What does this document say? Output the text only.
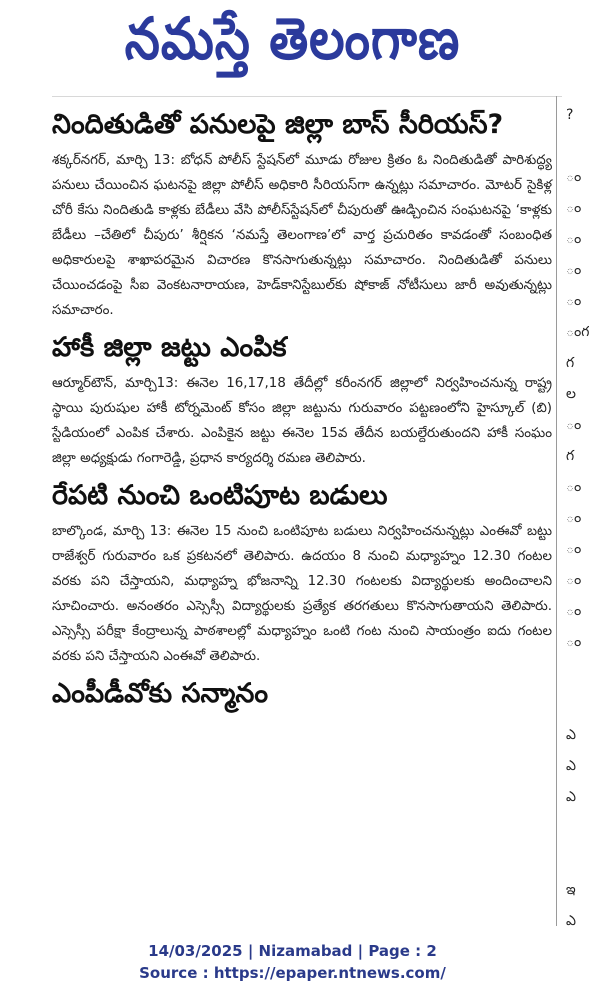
నమస్తే తెలంగాణ
నిందితుడితో పనులపై జిల్లా బాస్ సీరియస్?

శక్కర్‌నగర్, మార్చి 13: బోధన్ పోలీస్ స్టేషన్‌లో మూడు రోజుల క్రితం ఓ నిందితుడితో పారిశుద్ధ్య పనులు చేయించిన ఘటనపై జిల్లా పోలీస్ అధికారి సీరియస్‌గా ఉన్నట్లు సమాచారం. మోటర్ సైకిళ్ల చోరీ కేసు నిందితుడి కాళ్లకు బేడీలు వేసి పోలీస్‌స్టేషన్‌లో చీపురుతో ఊడ్చించిన సంఘటనపై ‘కాళ్లకు బేడీలు –చేతిలో చీపురు’ శీర్షికన ‘నమస్తే తెలంగాణ’లో వార్త ప్రచురితం కావడంతో సంబంధిత అధికారులపై శాఖాపరమైన విచారణ కొనసాగుతున్నట్లు సమాచారం. నిందితుడితో పనులు చేయించడంపై సీఐ వెంకటనారాయణ, హెడ్‌కానిస్టేబుల్‌కు షోకాజ్ నోటీసులు జారీ అవుతున్నట్లు సమాచారం.

హాకీ జిల్లా జట్టు ఎంపిక

ఆర్మూర్‌టౌన్, మార్చి13: ఈనెల 16,17,18 తేదీల్లో కరీంనగర్ జిల్లాలో నిర్వహించనున్న రాష్ట్ర స్థాయి పురుషుల హాకీ టోర్నమెంట్ కోసం జిల్లా జట్టును గురువారం పట్టణంలోని హైస్కూల్ (బి) స్టేడియంలో ఎంపిక చేశారు. ఎంపికైన జట్టు ఈనెల 15వ తేదీన బయల్దేరుతుందని హాకీ సంఘం జిల్లా అధ్యక్షుడు గంగారెడ్డి, ప్రధాన కార్యదర్శి రమణ తెలిపారు.

రేపటి నుంచి ఒంటిపూట బడులు

బాల్కొండ, మార్చి 13: ఈనెల 15 నుంచి ఒంటిపూట బడులు నిర్వహించనున్నట్లు ఎంఈవో బట్టు రాజేశ్వర్ గురువారం ఒక ప్రకటనలో తెలిపారు. ఉదయం 8 నుంచి మధ్యాహ్నం 12.30 గంటల వరకు పని చేస్తాయని, మధ్యాహ్న భోజనాన్ని 12.30 గంటలకు విద్యార్థులకు అందించాలని సూచించారు. అనంతరం ఎస్సెస్సీ విద్యార్థులకు ప్రత్యేక తరగతులు కొనసాగుతాయని తెలిపారు. ఎస్సెస్సీ పరీక్షా కేంద్రాలున్న పాఠశాలల్లో మధ్యాహ్నం ఒంటి గంట నుంచి సాయంత్రం ఐదు గంటల వరకు పని చేస్తాయని ఎంఈవో తెలిపారు.

ఎంపీడీవోకు సన్మానం
?

ం
ం
ం
ం
ం
ంగ
గ
ల
ం
గ
ం
ం
ం
ం
ం
ం

ఎ
ఎ
ఎ

ఇ
ఎ
14/03/2025 | Nizamabad | Page : 2
Source : https://epaper.ntnews.com/
